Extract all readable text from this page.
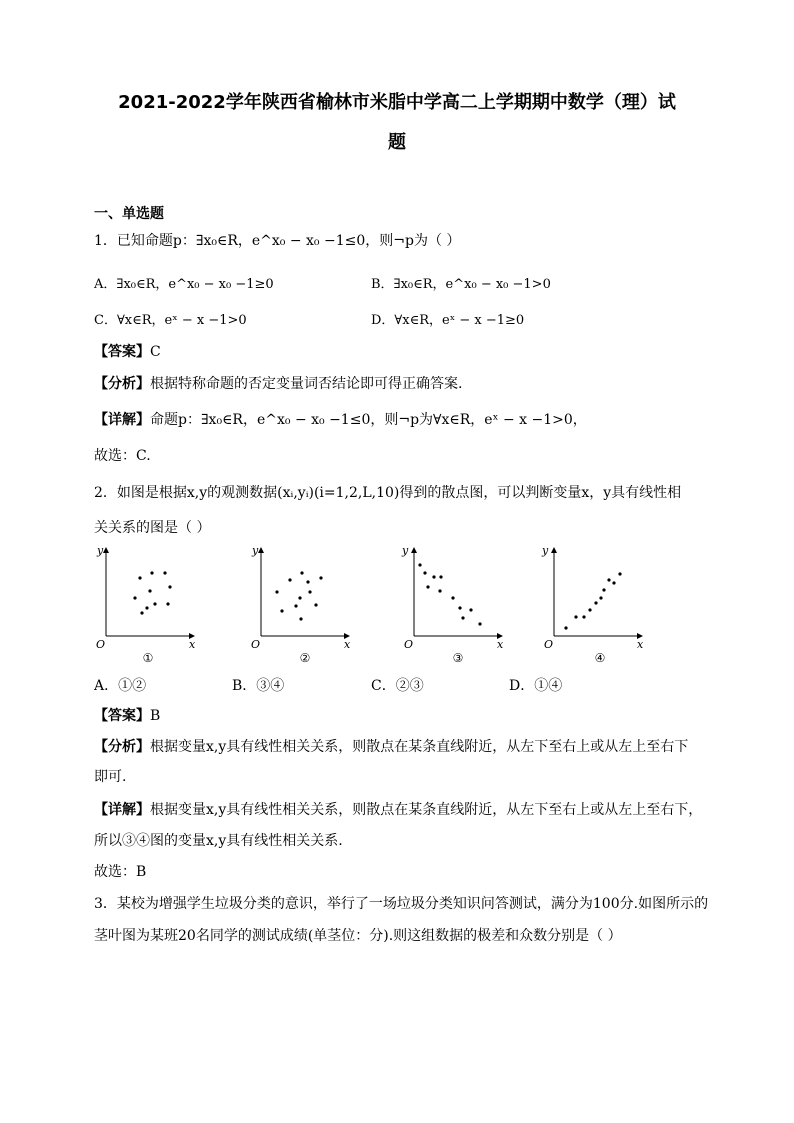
2021-2022学年陕西省榆林市米脂中学高二上学期期中数学（理）试
题
一、单选题
1．已知命题p：∃x₀∈R，e^x₀ − x₀ −1≤0，则¬p为（ ）
A．∃x₀∈R，e^x₀ − x₀ −1≥0	B．∃x₀∈R，e^x₀ − x₀ −1>0
C．∀x∈R，eˣ − x −1>0	D．∀x∈R，eˣ − x −1≥0
【答案】C
【分析】根据特称命题的否定变量词否结论即可得正确答案.
【详解】命题p：∃x₀∈R，e^x₀ − x₀ −1≤0，则¬p为∀x∈R，eˣ − x −1>0，
故选：C.
2．如图是根据x,y的观测数据(xᵢ,yᵢ)(i=1,2,L,10)得到的散点图，可以判断变量x，y具有线性相
关关系的图是（ ）
y
x
O
①
y
x
O
②
y
x
O
③
y
x
O
④
A．①②	B．③④	C．②③	D．①④
【答案】B
【分析】根据变量x,y具有线性相关关系，则散点在某条直线附近，从左下至右上或从左上至右下
即可.
【详解】根据变量x,y具有线性相关关系，则散点在某条直线附近，从左下至右上或从左上至右下，
所以③④图的变量x,y具有线性相关关系.
故选：B
3．某校为增强学生垃圾分类的意识，举行了一场垃圾分类知识问答测试，满分为100分.如图所示的
茎叶图为某班20名同学的测试成绩(单茎位：分).则这组数据的极差和众数分别是（ ）
